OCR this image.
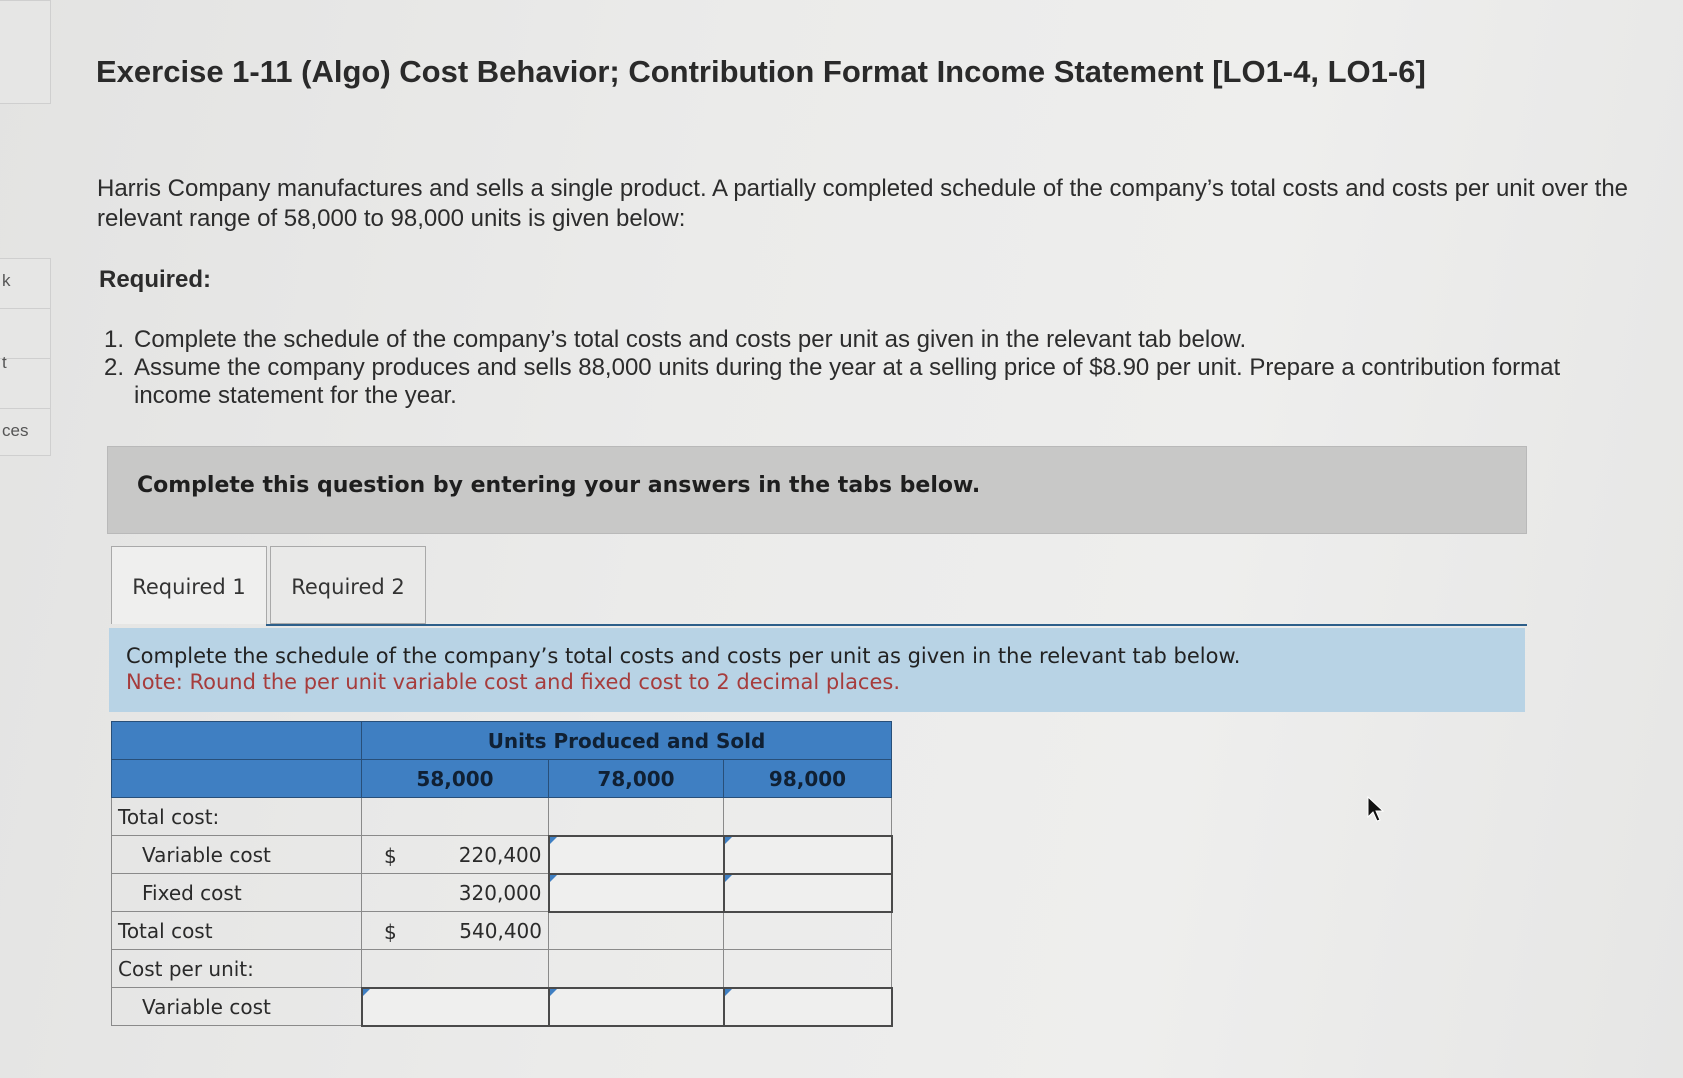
k
t
ces
Exercise 1-11 (Algo) Cost Behavior; Contribution Format Income Statement [LO1-4, LO1-6]
Harris Company manufactures and sells a single product. A partially completed schedule of the company’s total costs and costs per unit over the relevant range of 58,000 to 98,000 units is given below:
Required:
1. Complete the schedule of the company’s total costs and costs per unit as given in the relevant tab below.
2. Assume the company produces and sells 88,000 units during the year at a selling price of $8.90 per unit. Prepare a contribution format income statement for the year.
Complete this question by entering your answers in the tabs below.
Required 1	Required 2
Complete the schedule of the company’s total costs and costs per unit as given in the relevant tab below.
Note: Round the per unit variable cost and fixed cost to 2 decimal places.
	Units Produced and Sold		
	58,000	78,000	98,000
Total cost:			
Variable cost	$ 220,400		
Fixed cost	320,000		
Total cost	$ 540,400		
Cost per unit:			
Variable cost			
